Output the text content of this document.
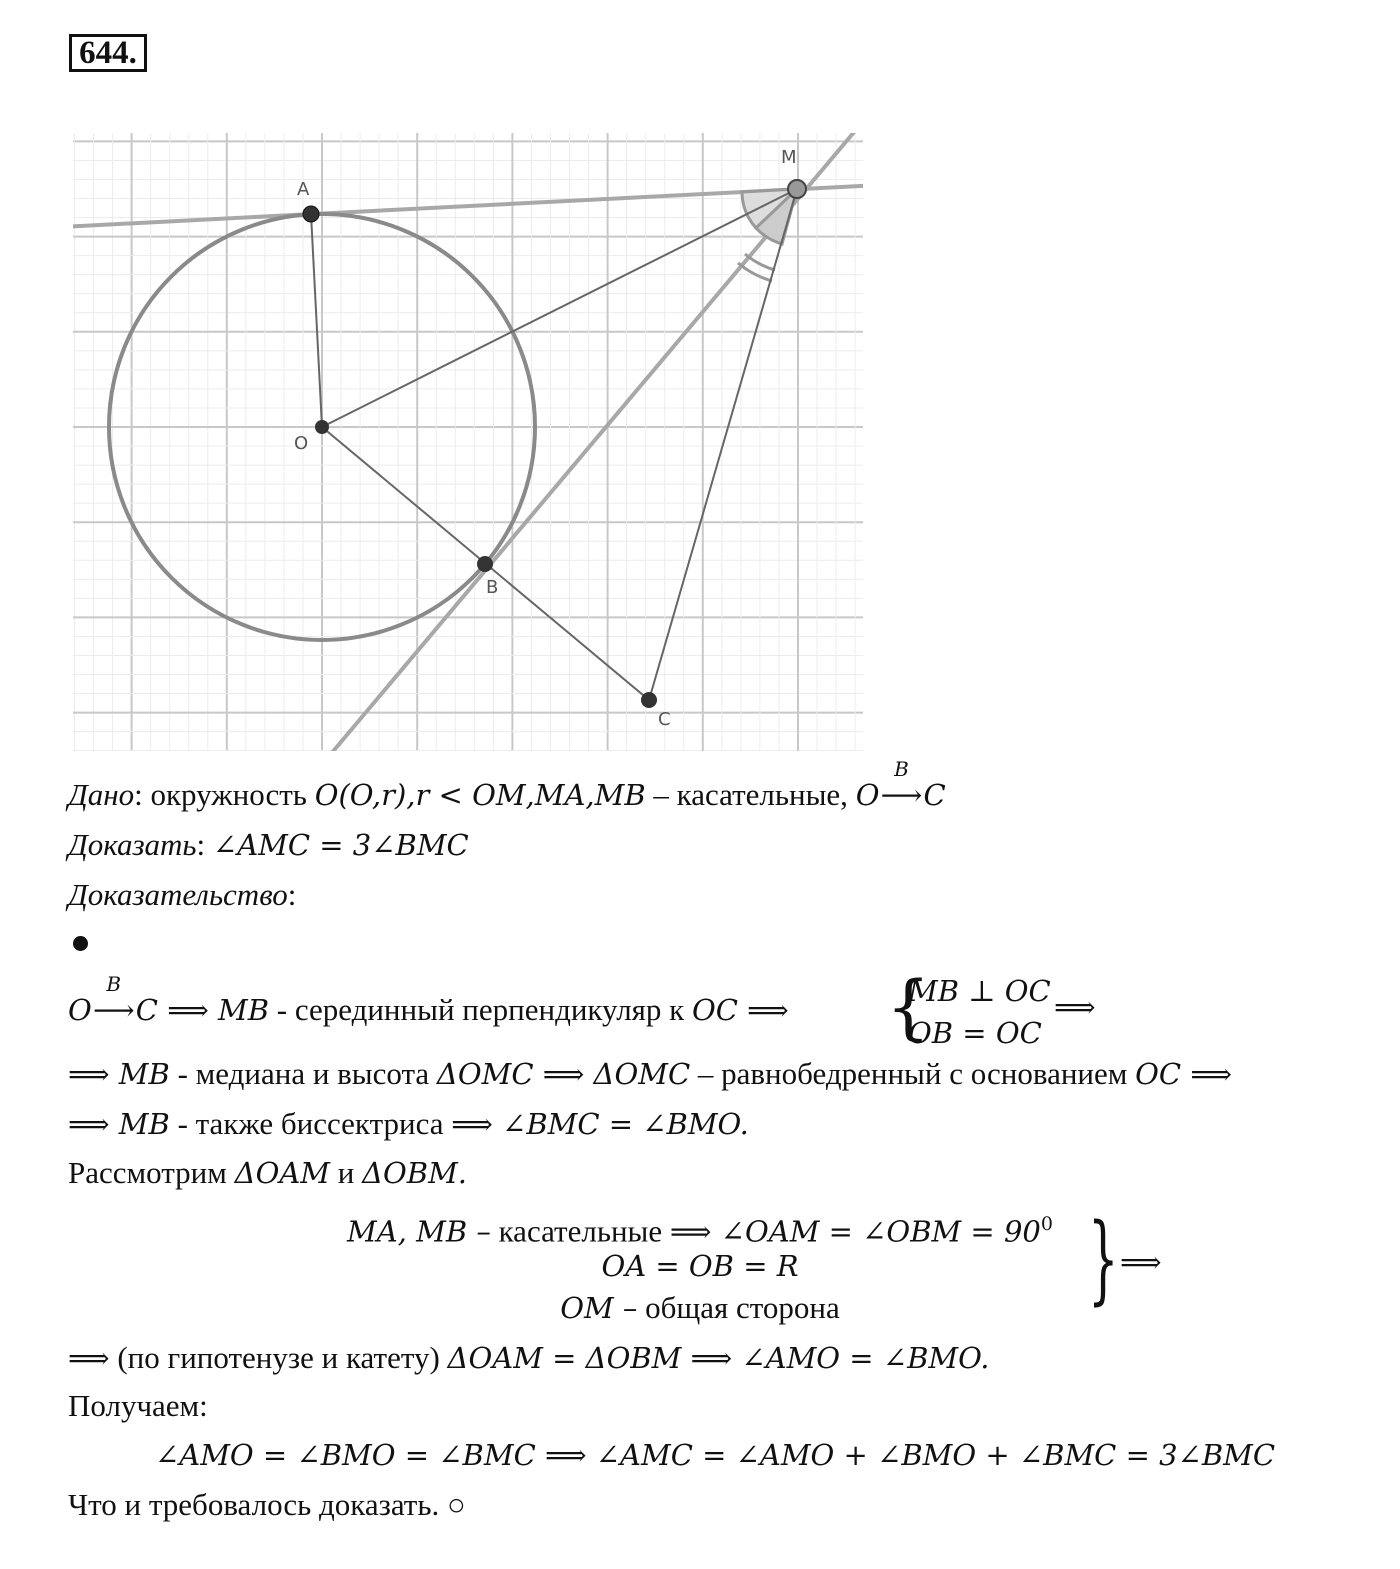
644.
A
M
O
B
C
Дано: окружность O(O,r),r < OM,MA,MB – касательные, O
B
⟶C
Доказать: ∠AMC = 3∠BMC
Доказательство:
O
B
⟶C ⟹ MB - серединный перпендикуляр к OC ⟹ {
MB ⊥ OC
OB = OC
⟹
⟹ MB - медиана и высота ΔOMC ⟹ ΔOMC – равнобедренный с основанием OC ⟹
⟹ MB - также биссектриса ⟹ ∠BMC = ∠BMO.
Рассмотрим ΔOAM и ΔOBM.
MA, MB – касательные ⟹ ∠OAM = ∠OBM = $90^0$
OA = OB = R
OM – общая сторона	} ⟹
⟹ (по гипотенузе и катету) ΔOAM = ΔOBM ⟹ ∠AMO = ∠BMO.
Получаем:
∠AMO = ∠BMO = ∠BMC ⟹ ∠AMC = ∠AMO + ∠BMO + ∠BMC = 3∠BMC
Что и требовалось доказать. ○
